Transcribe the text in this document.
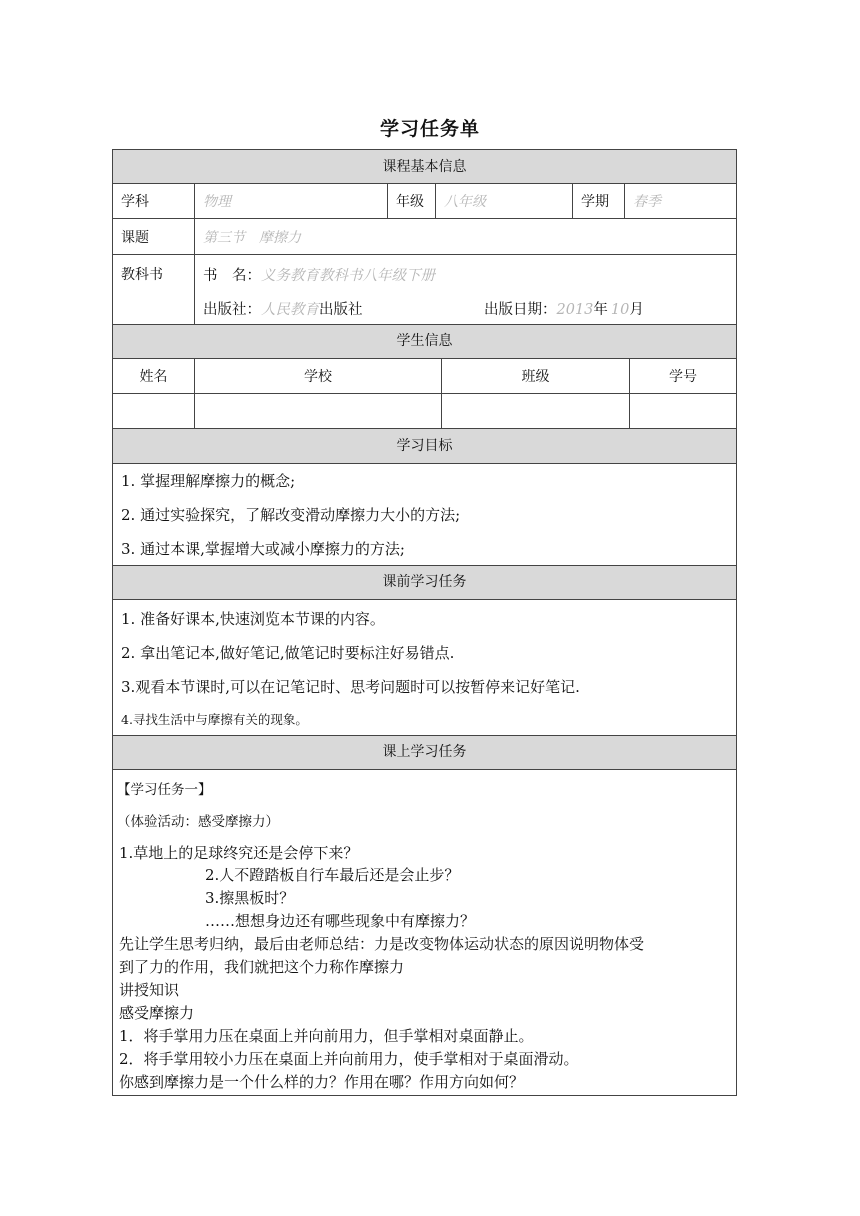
学习任务单
课程基本信息
学科	物理	年级	八年级	学期	春季
课题	第三节　摩擦力
教科书	书　名：义务教育教科书八年级下册
出版社：人民教育出版社	出版日期：2013年 10月
学生信息
姓名	学校	班级	学号
学习目标
1. 掌握理解摩擦力的概念;
2. 通过实验探究，了解改变滑动摩擦力大小的方法;
3. 通过本课,掌握增大或减小摩擦力的方法;
课前学习任务
1. 准备好课本,快速浏览本节课的内容。
2. 拿出笔记本,做好笔记,做笔记时要标注好易错点.
3.观看本节课时,可以在记笔记时、思考问题时可以按暂停来记好笔记.
4.寻找生活中与摩擦有关的现象。
课上学习任务
【学习任务一】
（体验活动：感受摩擦力）
1.草地上的足球终究还是会停下来？
2.人不蹬踏板自行车最后还是会止步？
3.擦黑板时？
……想想身边还有哪些现象中有摩擦力？
先让学生思考归纳，最后由老师总结：力是改变物体运动状态的原因说明物体受
到了力的作用，我们就把这个力称作摩擦力
讲授知识
感受摩擦力
1．将手掌用力压在桌面上并向前用力，但手掌相对桌面静止。
2．将手掌用较小力压在桌面上并向前用力，使手掌相对于桌面滑动。
你感到摩擦力是一个什么样的力？作用在哪？作用方向如何？
